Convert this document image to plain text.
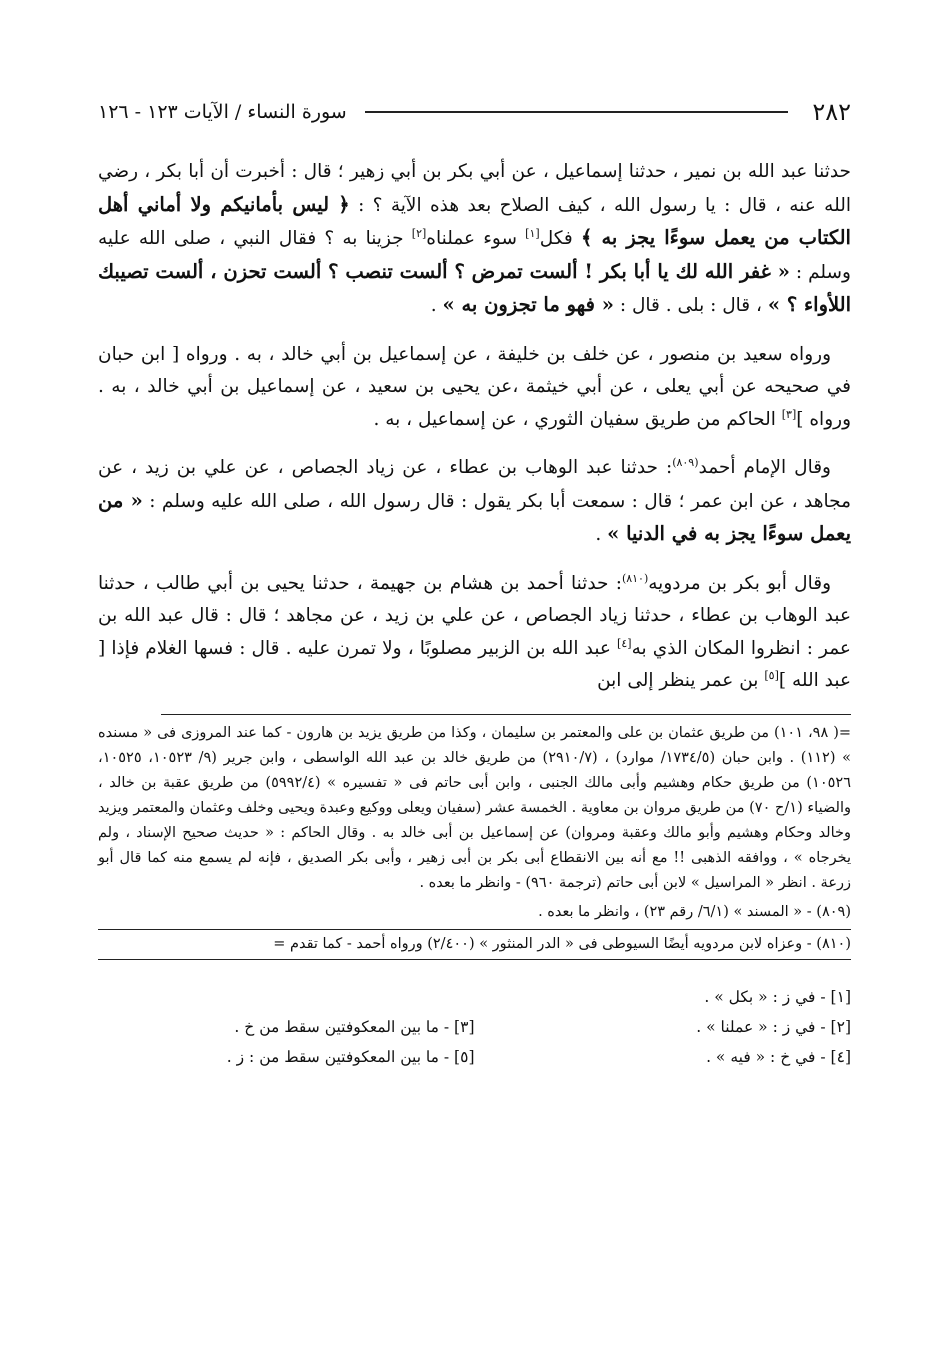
٢٨٢
سورة النساء / الآيات ١٢٣ - ١٢٦

حدثنا عبد الله بن نمير ، حدثنا إسماعيل ، عن أبي بكر بن أبي زهير ؛ قال : أخبرت أن أبا بكر ، رضي الله عنه ، قال : يا رسول الله ، كيف الصلاح بعد هذه الآية ؟ : ﴿ ليس بأمانيكم ولا أماني أهل الكتاب من يعمل سوءًا يجز به ﴾ فكل[١] سوء عملناه[٢] جزينا به ؟ فقال النبي ، صلى الله عليه وسلم : « غفر الله لك يا أبا بكر ! ألست تمرض ؟ ألست تنصب ؟ ألست تحزن ، ألست تصيبك اللأواء ؟ » ، قال : بلى . قال : « فهو ما تجزون به » .

ورواه سعيد بن منصور ، عن خلف بن خليفة ، عن إسماعيل بن أبي خالد ، به . ورواه [ ابن حبان في صحيحه عن أبي يعلى ، عن أبي خيثمة ،عن يحيى بن سعيد ، عن إسماعيل بن أبي خالد ، به . ورواه ][٣] الحاكم من طريق سفيان الثوري ، عن إسماعيل ، به .

وقال الإمام أحمد$^{(٨٠٩)}$: حدثنا عبد الوهاب بن عطاء ، عن زياد الجصاص ، عن علي بن زيد ، عن مجاهد ، عن ابن عمر ؛ قال : سمعت أبا بكر يقول : قال رسول الله ، صلى الله عليه وسلم : « من يعمل سوءًا يجز به في الدنيا » .

وقال أبو بكر بن مردويه$^{(٨١٠)}$: حدثنا أحمد بن هشام بن جهيمة ، حدثنا يحيى بن أبي طالب ، حدثنا عبد الوهاب بن عطاء ، حدثنا زياد الجصاص ، عن علي بن زيد ، عن مجاهد ؛ قال : قال عبد الله بن عمر : انظروا المكان الذي به[٤] عبد الله بن الزبير مصلوبًا ، ولا تمرن عليه . قال : فسها الغلام فإذا [ عبد الله ][٥] بن عمر ينظر إلى ابن

=( ٩٨، ١٠١) من طريق عثمان بن على والمعتمر بن سليمان ، وكذا من طريق يزيد بن هارون - كما عند المروزى فى « مسنده » (١١٢) . وابن حبان (١٧٣٤/٥/ موارد) ، (٢٩١٠/٧) من طريق خالد بن عبد الله الواسطى ، وابن جرير (٩/ ١٠٥٢٣، ١٠٥٢٥، ١٠٥٢٦) من طريق حكام وهشيم وأبى مالك الجنبى ، وابن أبى حاتم فى « تفسيره » (٥٩٩٢/٤) من طريق عقبة بن خالد ، والضياء (١/ح ٧٠) من طريق مروان بن معاوية . الخمسة عشر (سفيان ويعلى ووكيع وعبدة ويحيى وخلف وعثمان والمعتمر ويزيد وخالد وحكام وهشيم وأبو مالك وعقبة ومروان) عن إسماعيل بن أبى خالد به . وقال الحاكم : « حديث صحيح الإسناد ، ولم يخرجاه » ، ووافقه الذهبى !! مع أنه بين الانقطاع أبى بكر بن أبى زهير ، وأبى بكر الصديق ، فإنه لم يسمع منه كما قال أبو زرعة . انظر « المراسيل » لابن أبى حاتم (ترجمة ٩٦٠) - وانظر ما بعده .

(٨٠٩) - « المسند » (٦/١/ رقم ٢٣) ، وانظر ما بعده .

(٨١٠) - وعزاه لابن مردويه أيضًا السيوطى فى « الدر المنثور » (٢/٤٠٠) ورواه أحمد - كما تقدم =

[١] - في ز : « بكل » .
[٢] - في ز : « عملنا » .
[٣] - ما بين المعكوفتين سقط من خ .
[٤] - في خ : « فيه » .
[٥] - ما بين المعكوفتين سقط من : ز .
